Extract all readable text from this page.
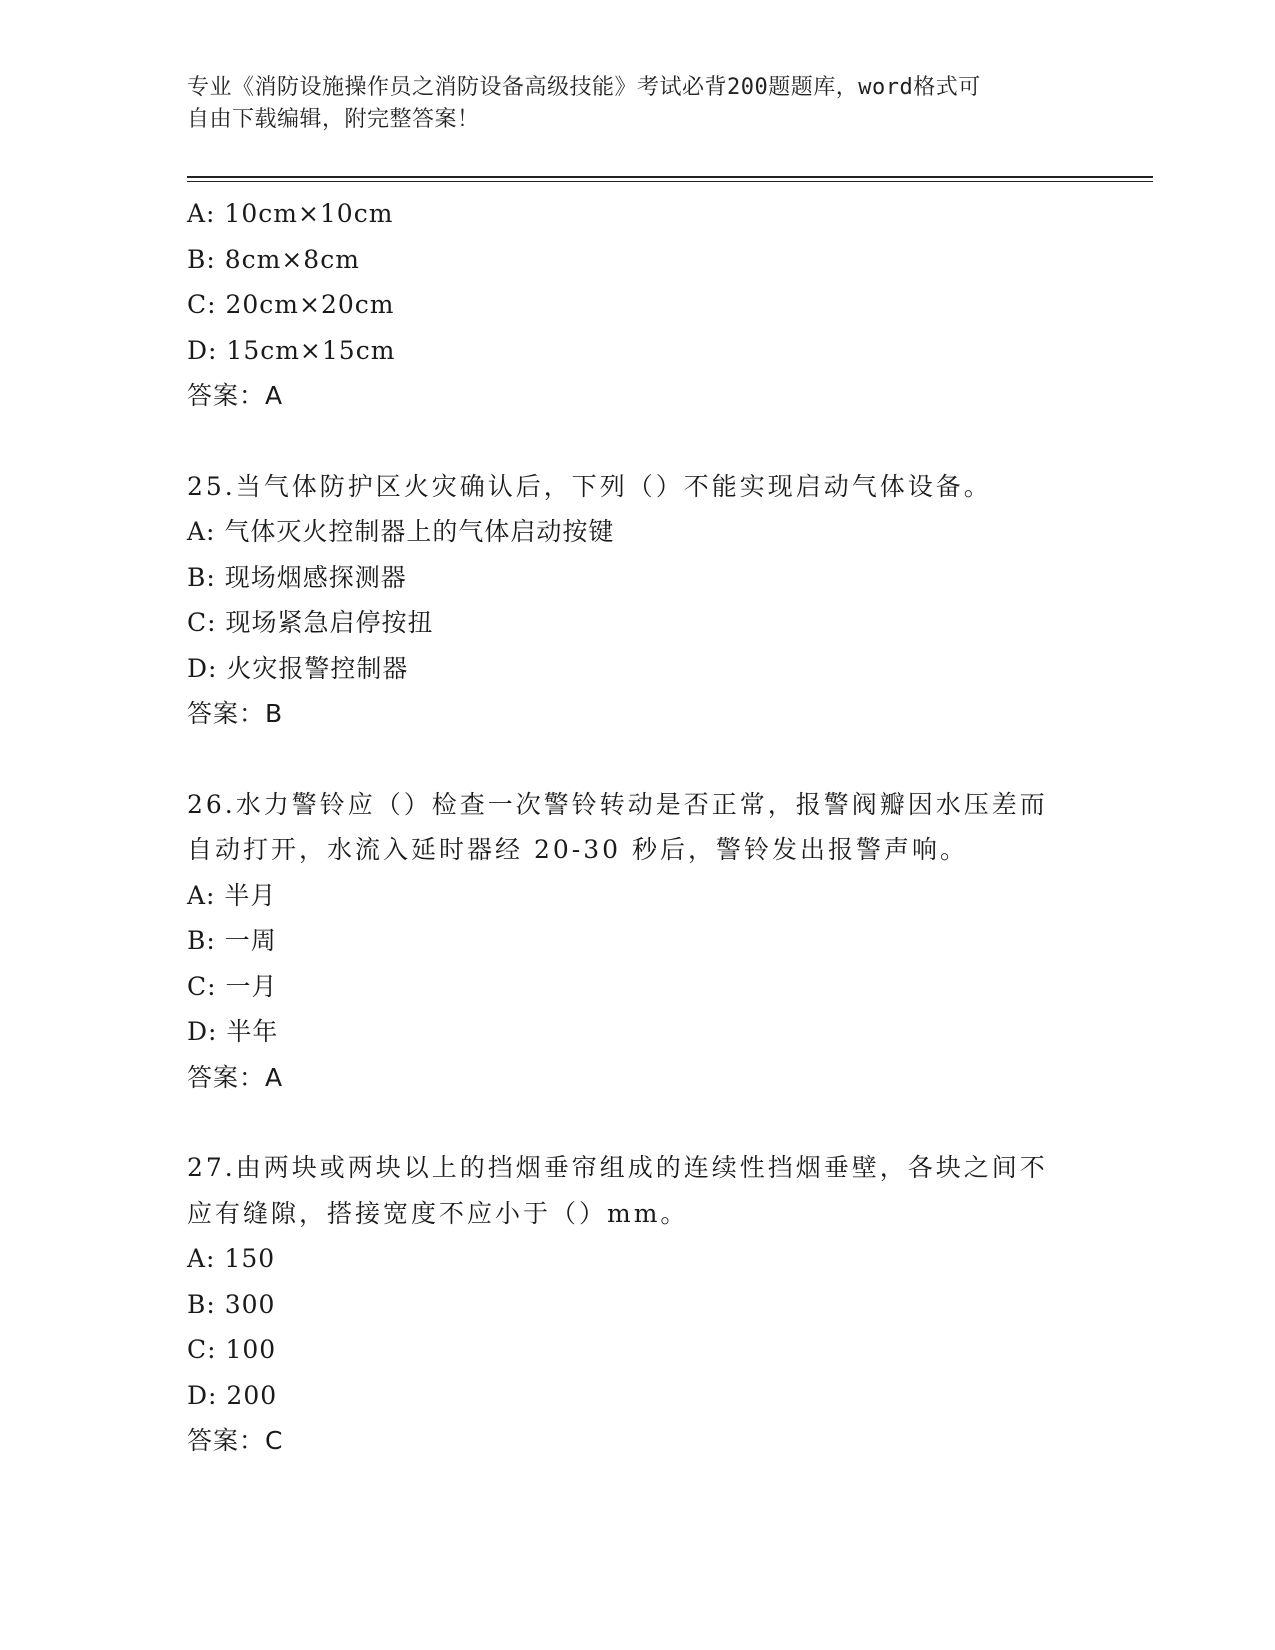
专业《消防设施操作员之消防设备高级技能》考试必背200题题库，word格式可
自由下载编辑，附完整答案！
A: 10cm×10cm
B: 8cm×8cm
C: 20cm×20cm
D: 15cm×15cm
答案：A
25.当气体防护区火灾确认后，下列（）不能实现启动气体设备。
A: 气体灭火控制器上的气体启动按键
B: 现场烟感探测器
C: 现场紧急启停按扭
D: 火灾报警控制器
答案：B
26.水力警铃应（）检查一次警铃转动是否正常，报警阀瓣因水压差而
自动打开，水流入延时器经 20-30 秒后，警铃发出报警声响。
A: 半月
B: 一周
C: 一月
D: 半年
答案：A
27.由两块或两块以上的挡烟垂帘组成的连续性挡烟垂壁，各块之间不
应有缝隙，搭接宽度不应小于（）mm。
A: 150
B: 300
C: 100
D: 200
答案：C
